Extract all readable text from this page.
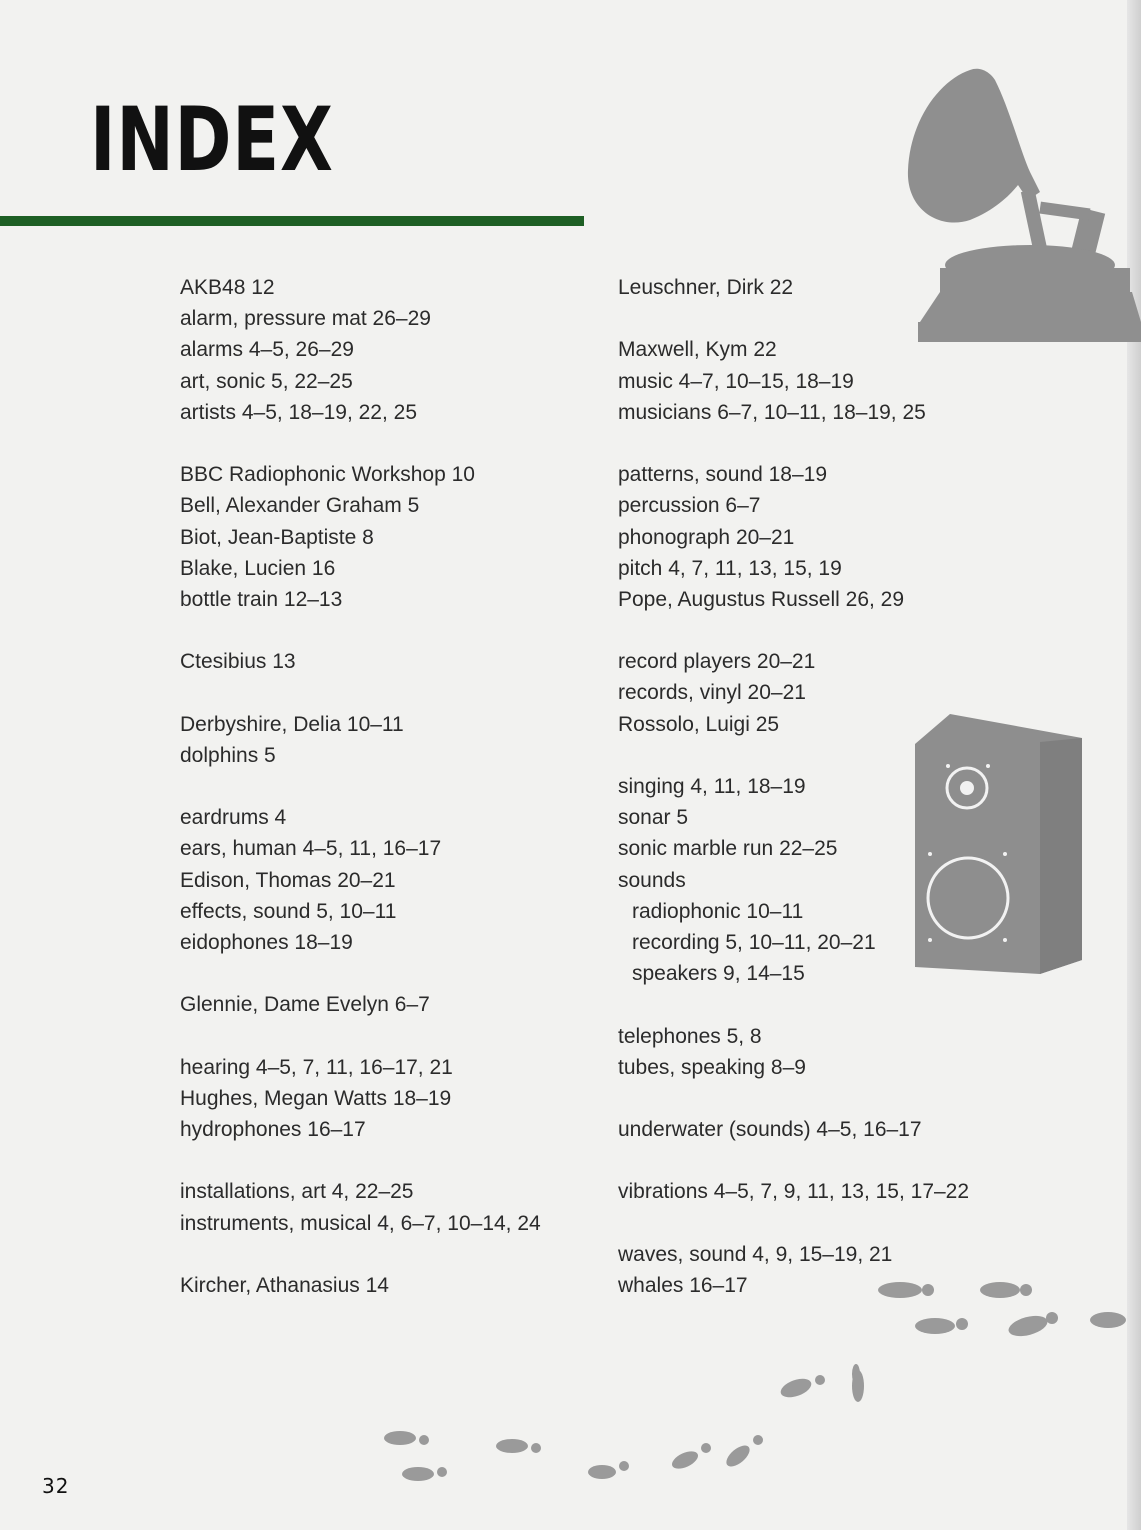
INDEX
AKB48 12
alarm, pressure mat 26–29
alarms 4–5, 26–29
art, sonic 5, 22–25
artists 4–5, 18–19, 22, 25
BBC Radiophonic Workshop 10
Bell, Alexander Graham 5
Biot, Jean-Baptiste 8
Blake, Lucien 16
bottle train 12–13
Ctesibius 13
Derbyshire, Delia 10–11
dolphins 5
eardrums 4
ears, human 4–5, 11, 16–17
Edison, Thomas 20–21
effects, sound 5, 10–11
eidophones 18–19
Glennie, Dame Evelyn 6–7
hearing 4–5, 7, 11, 16–17, 21
Hughes, Megan Watts 18–19
hydrophones 16–17
installations, art 4, 22–25
instruments, musical 4, 6–7, 10–14, 24
Kircher, Athanasius 14
Leuschner, Dirk 22
Maxwell, Kym 22
music 4–7, 10–15, 18–19
musicians 6–7, 10–11, 18–19, 25
patterns, sound 18–19
percussion 6–7
phonograph 20–21
pitch 4, 7, 11, 13, 15, 19
Pope, Augustus Russell 26, 29
record players 20–21
records, vinyl 20–21
Rossolo, Luigi 25
singing 4, 11, 18–19
sonar 5
sonic marble run 22–25
sounds
radiophonic 10–11
recording 5, 10–11, 20–21
speakers 9, 14–15
telephones 5, 8
tubes, speaking 8–9
underwater (sounds) 4–5, 16–17
vibrations 4–5, 7, 9, 11, 13, 15, 17–22
waves, sound 4, 9, 15–19, 21
whales 16–17
32
